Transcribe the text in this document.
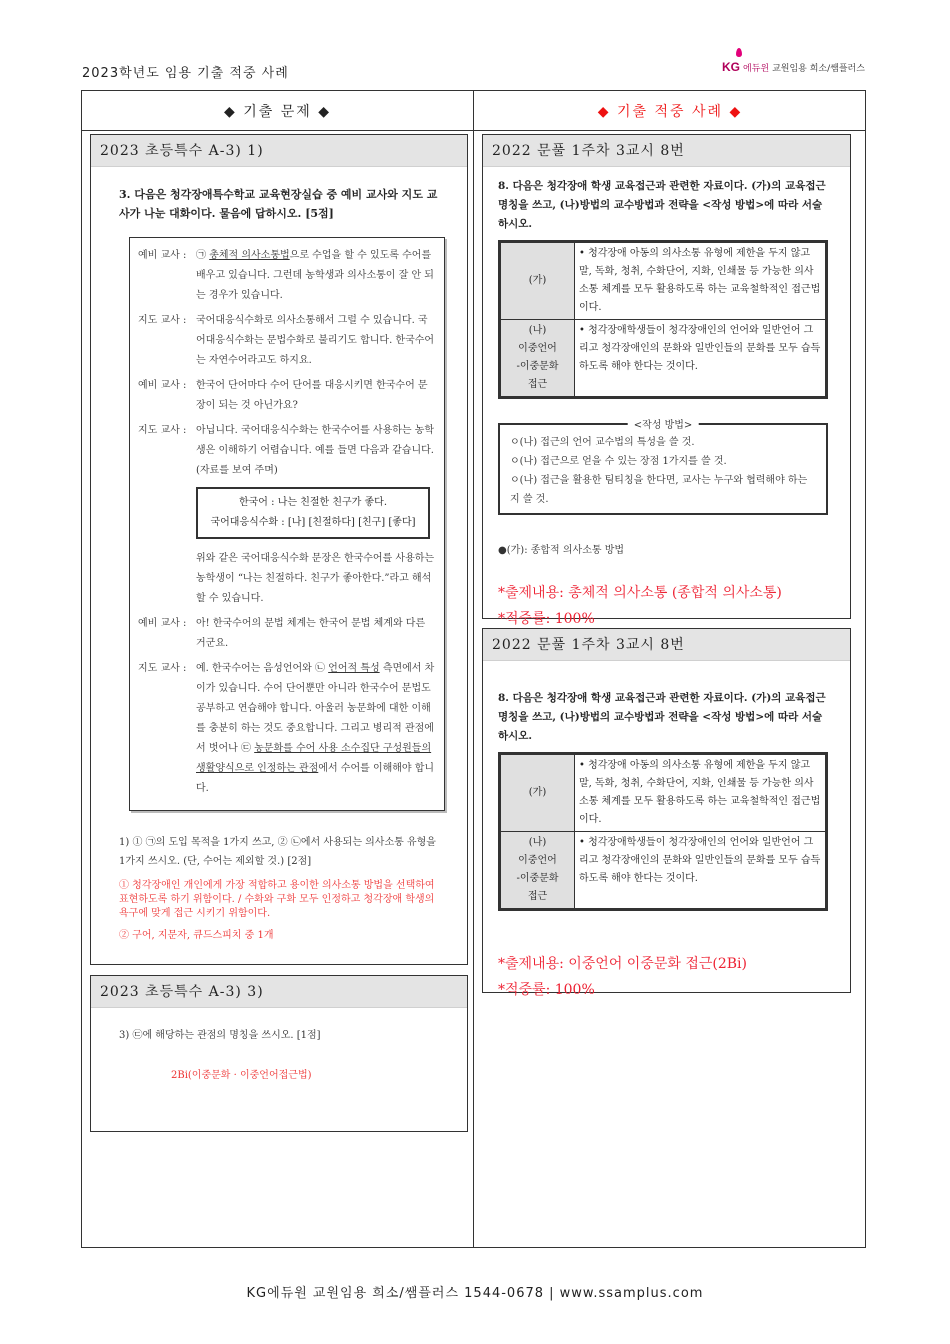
2023학년도 임용 기출 적중 사례	KG 에듀윈 교원임용 희소/쌤플러스
◆ 기출 문제 ◆	◆ 기출 적중 사례 ◆
2023 초등특수 A-3) 1)
3. 다음은 청각장애특수학교 교육현장실습 중 예비 교사와 지도 교사가 나눈 대화이다. 물음에 답하시오. [5점]
예비 교사 : ㉠ 총체적 의사소통법으로 수업을 할 수 있도록 수어를 배우고 있습니다. 그런데 농학생과 의사소통이 잘 안 되는 경우가 있습니다.
지도 교사 : 국어대응식수화로 의사소통해서 그럴 수 있습니다. 국어대응식수화는 문법수화로 불리기도 합니다. 한국수어는 자연수어라고도 하지요.
예비 교사 : 한국어 단어마다 수어 단어를 대응시키면 한국수어 문장이 되는 것 아닌가요?
지도 교사 : 아닙니다. 국어대응식수화는 한국수어를 사용하는 농학생은 이해하기 어렵습니다. 예를 들면 다음과 같습니다. (자료를 보여 주며)
한국어 : 나는 친절한 친구가 좋다.
국어대응식수화 : [나] [친절하다] [친구] [좋다]
위와 같은 국어대응식수화 문장은 한국수어를 사용하는 농학생이 “나는 친절하다. 친구가 좋아한다.”라고 해석할 수 있습니다.
예비 교사 : 아! 한국수어의 문법 체계는 한국어 문법 체계와 다른 거군요.
지도 교사 : 예. 한국수어는 음성언어와 ㉡ 언어적 특성 측면에서 차이가 있습니다. 수어 단어뿐만 아니라 한국수어 문법도 공부하고 연습해야 합니다. 아울러 농문화에 대한 이해를 충분히 하는 것도 중요합니다. 그리고 병리적 관점에서 벗어나 ㉢ 농문화를 수어 사용 소수집단 구성원들의 생활양식으로 인정하는 관점에서 수어를 이해해야 합니다.
1) ① ㉠의 도입 목적을 1가지 쓰고, ② ㉡에서 사용되는 의사소통 유형을 1가지 쓰시오. (단, 수어는 제외할 것.) [2점]
① 청각장애인 개인에게 가장 적합하고 용이한 의사소통 방법을 선택하여 표현하도록 하기 위함이다. / 수화와 구화 모두 인정하고 청각장애 학생의 욕구에 맞게 접근 시키기 위함이다.
② 구어, 지문자, 큐드스피치 중 1개
2023 초등특수 A-3) 3)
3) ㉢에 해당하는 관점의 명칭을 쓰시오. [1점]
2Bi(이중문화 · 이중언어접근법)
2022 문풀 1주차 3교시 8번
8. 다음은 청각장애 학생 교육접근과 관련한 자료이다. (가)의 교육접근 명칭을 쓰고, (나)방법의 교수방법과 전략을 <작성 방법>에 따라 서술하시오.
(가)	• 청각장애 아동의 의사소통 유형에 제한을 두지 않고 말, 독화, 청취, 수화단어, 지화, 인쇄물 등 가능한 의사소통 체계를 모두 활용하도록 하는 교육철학적인 접근법이다.
(나)
이중언어
-이중문화
접근	• 청각장애학생들이 청각장애인의 언어와 일반언어 그리고 청각장애인의 문화와 일반인들의 문화를 모두 습득하도록 해야 한다는 것이다.
<작성 방법>
ㅇ(나) 접근의 언어 교수법의 특성을 쓸 것.
ㅇ(나) 접근으로 얻을 수 있는 장점 1가지를 쓸 것.
ㅇ(나) 접근을 활용한 팀티칭을 한다면, 교사는 누구와 협력해야 하는지 쓸 것.
●(가): 종합적 의사소통 방법
*출제내용: 총체적 의사소통 (종합적 의사소통)
*적중률: 100%
2022 문풀 1주차 3교시 8번
8. 다음은 청각장애 학생 교육접근과 관련한 자료이다. (가)의 교육접근 명칭을 쓰고, (나)방법의 교수방법과 전략을 <작성 방법>에 따라 서술하시오.
(가)	• 청각장애 아동의 의사소통 유형에 제한을 두지 않고 말, 독화, 청취, 수화단어, 지화, 인쇄물 등 가능한 의사소통 체계를 모두 활용하도록 하는 교육철학적인 접근법이다.
(나)
이중언어
-이중문화
접근	• 청각장애학생들이 청각장애인의 언어와 일반언어 그리고 청각장애인의 문화와 일반인들의 문화를 모두 습득하도록 해야 한다는 것이다.
*출제내용: 이중언어 이중문화 접근(2Bi)
*적중률: 100%
KG에듀원 교원임용 희소/쌤플러스 1544-0678 | www.ssamplus.com
